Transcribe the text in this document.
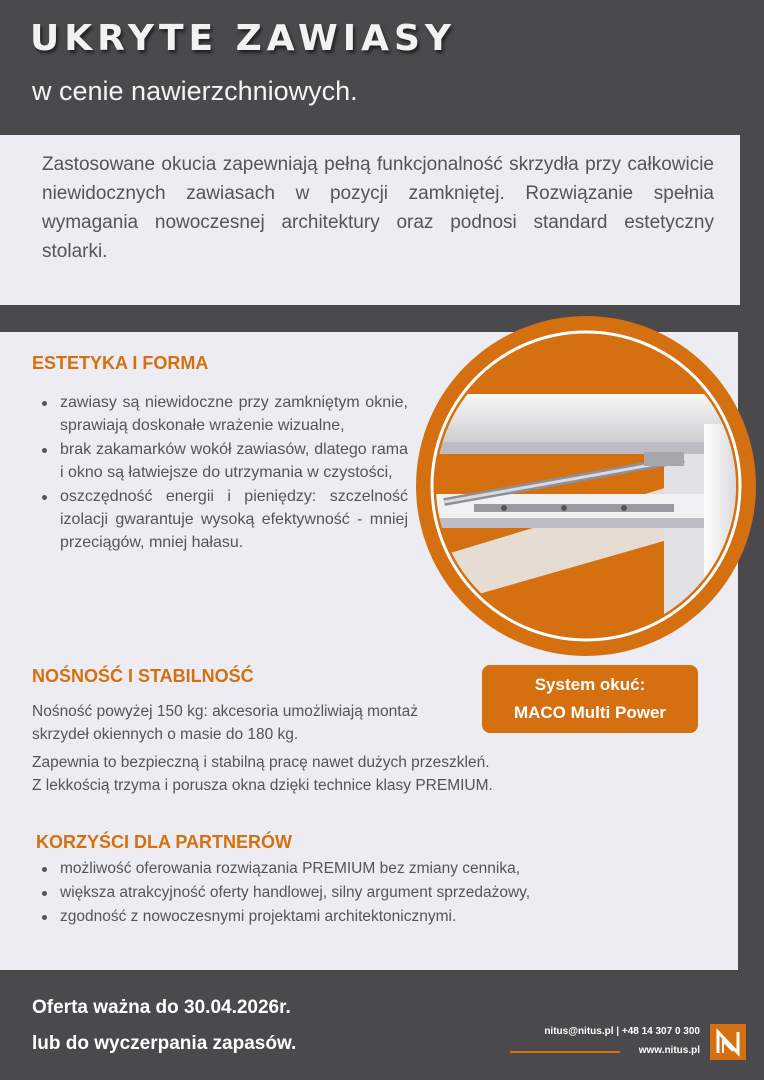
UKRYTE ZAWIASY

w cenie nawierzchniowych.

Zastosowane okucia zapewniają pełną funkcjonalność skrzydła przy całkowicie niewidocznych zawiasach w pozycji zamkniętej. Rozwiązanie spełnia wymagania nowoczesnej architektury oraz podnosi standard estetyczny stolarki.

ESTETYKA I FORMA
zawiasy są niewidoczne przy zamkniętym oknie, sprawiają doskonałe wrażenie wizualne,
brak zakamarków wokół zawiasów, dlatego rama i okno są łatwiejsze do utrzymania w czystości,
oszczędność energii i pieniędzy: szczelność izolacji gwarantuje wysoką efektywność - mniej przeciągów, mniej hałasu.
NOŚNOŚĆ I STABILNOŚĆ

Nośność powyżej 150 kg: akcesoria umożliwiają montaż skrzydeł okiennych o masie do 180 kg.

Zapewnia to bezpieczną i stabilną pracę nawet dużych przeszkleń.
Z lekkością trzyma i porusza okna dzięki technice klasy PREMIUM.

System okuć:
MACO Multi Power
KORZYŚCI DLA PARTNERÓW
możliwość oferowania rozwiązania PREMIUM bez zmiany cennika,
większa atrakcyjność oferty handlowej, silny argument sprzedażowy,
zgodność z nowoczesnymi projektami architektonicznymi.

Oferta ważna do 30.04.2026r.

lub do wyczerpania zapasów.

nitus@nitus.pl | +48 14 307 0 300
www.nitus.pl
